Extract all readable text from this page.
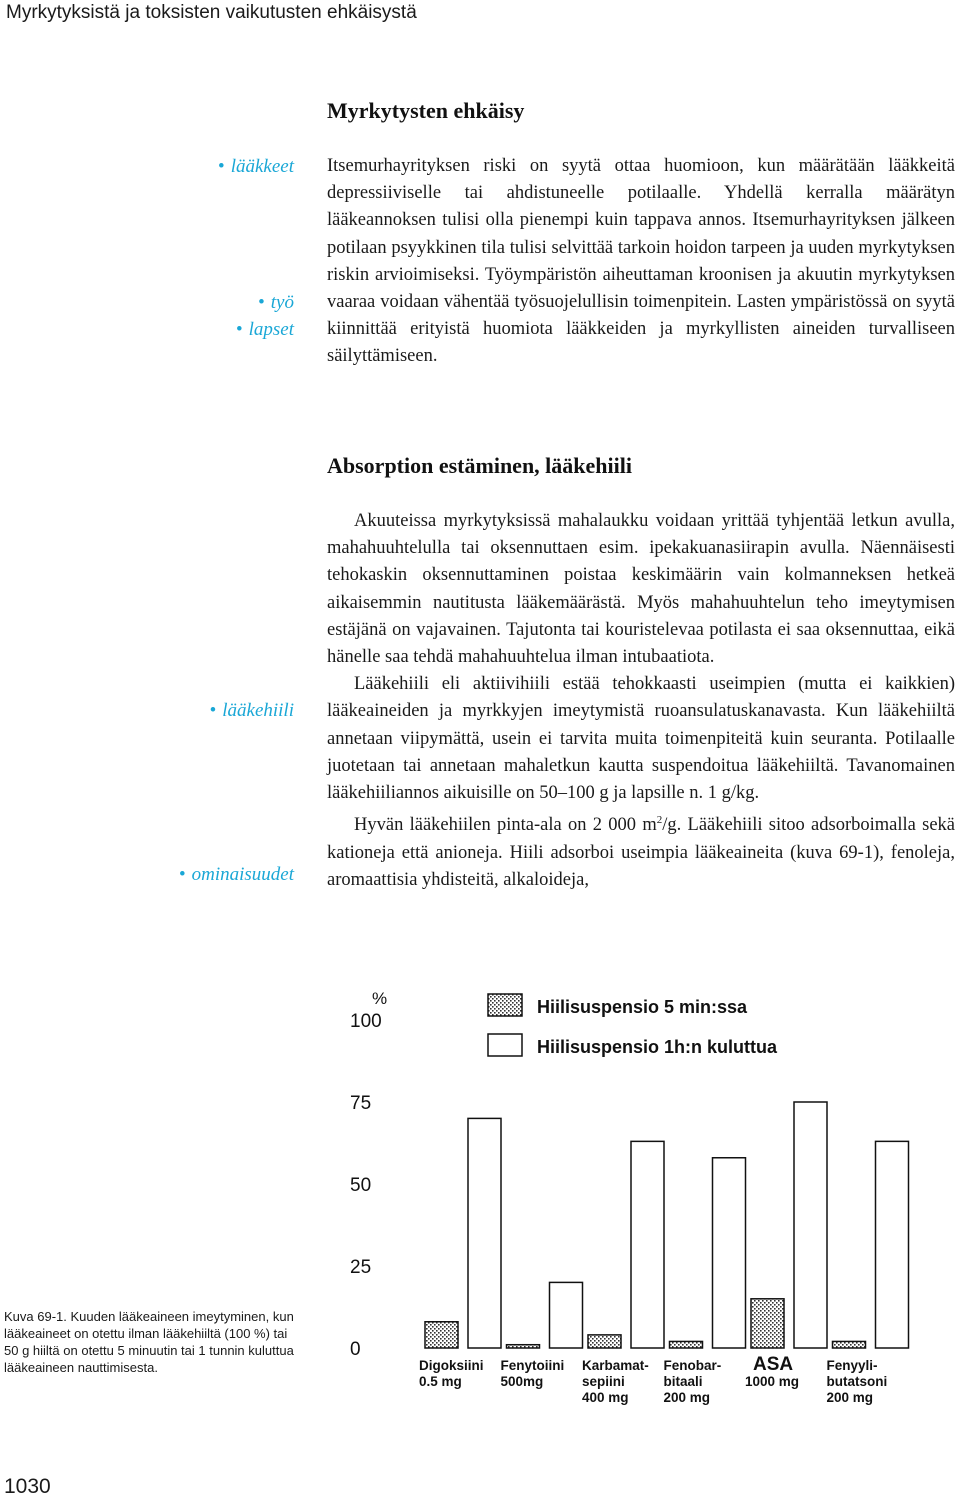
Myrkytyksistä ja toksisten vaikutusten ehkäisystä
Myrkytysten ehkäisy
• lääkkeet
• työ
• lapset

Itsemurhayrityksen riski on syytä ottaa huomioon, kun määrätään lääkkeitä depressiiviselle tai ahdistuneelle potilaalle. Yhdellä kerralla määrätyn lääkeannoksen tulisi olla pienempi kuin tappava annos. Itsemurhayrityksen jälkeen potilaan psyykkinen tila tulisi selvittää tarkoin hoidon tarpeen ja uuden myrkytyksen riskin arvioimiseksi. Työympäristön aiheuttaman kroonisen ja akuutin myrkytyksen vaaraa voidaan vähentää työsuojelullisin toimenpitein. Lasten ympäristössä on syytä kiinnittää erityistä huomiota lääkkeiden ja myrkyllisten aineiden turvalliseen säilyttämiseen.

Absorption estäminen, lääkehiili
• lääkehiili
• ominaisuudet

Akuuteissa myrkytyksissä mahalaukku voidaan yrittää tyhjentää letkun avulla, mahahuuhtelulla tai oksennuttaen esim. ipekakuanasiirapin avulla. Näennäisesti tehokaskin oksennuttaminen poistaa keskimäärin vain kolmanneksen hetkeä aikaisemmin nautitusta lääkemäärästä. Myös mahahuuhtelun teho imeytymisen estäjänä on vajavainen. Tajutonta tai kouristelevaa potilasta ei saa oksennuttaa, eikä hänelle saa tehdä mahahuuhtelua ilman intubaatiota.

Lääkehiili eli aktiivihiili estää tehokkaasti useimpien (mutta ei kaikkien) lääkeaineiden ja myrkkyjen imeytymistä ruoansulatuskanavasta. Kun lääkehiiltä annetaan viipymättä, usein ei tarvita muita toimenpiteitä kuin seuranta. Potilaalle juotetaan tai annetaan mahaletkun kautta suspendoitua lääkehiiltä. Tavanomainen lääkehiiliannos aikuisille on 50–100 g ja lapsille n. 1 g/kg.

Hyvän lääkehiilen pinta-ala on 2 000 $m^2/g$. Lääkehiili sitoo adsorboimalla sekä kationeja että anioneja. Hiili adsorboi useimpia lääkeaineita (kuva 69-1), fenoleja, aromaattisia yhdisteitä, alkaloideja,

%
100
75
50
25
0
Hiilisuspensio 5 min:ssa
Hiilisuspensio 1h:n kuluttua
Digoksiini
0.5 mg
Fenytoiini
500mg
Karbamat-
sepiini
400 mg
Fenobar-
bitaali
200 mg
ASA
1000 mg
Fenyyli-
butatsoni
200 mg
Kuva 69-1. Kuuden lääkeaineen imeytyminen, kun lääkeaineet on otettu ilman lääkehiiltä (100 %) tai 50 g hiiltä on otettu 5 minuutin tai 1 tunnin kuluttua lääkeaineen nauttimisesta.
1030
